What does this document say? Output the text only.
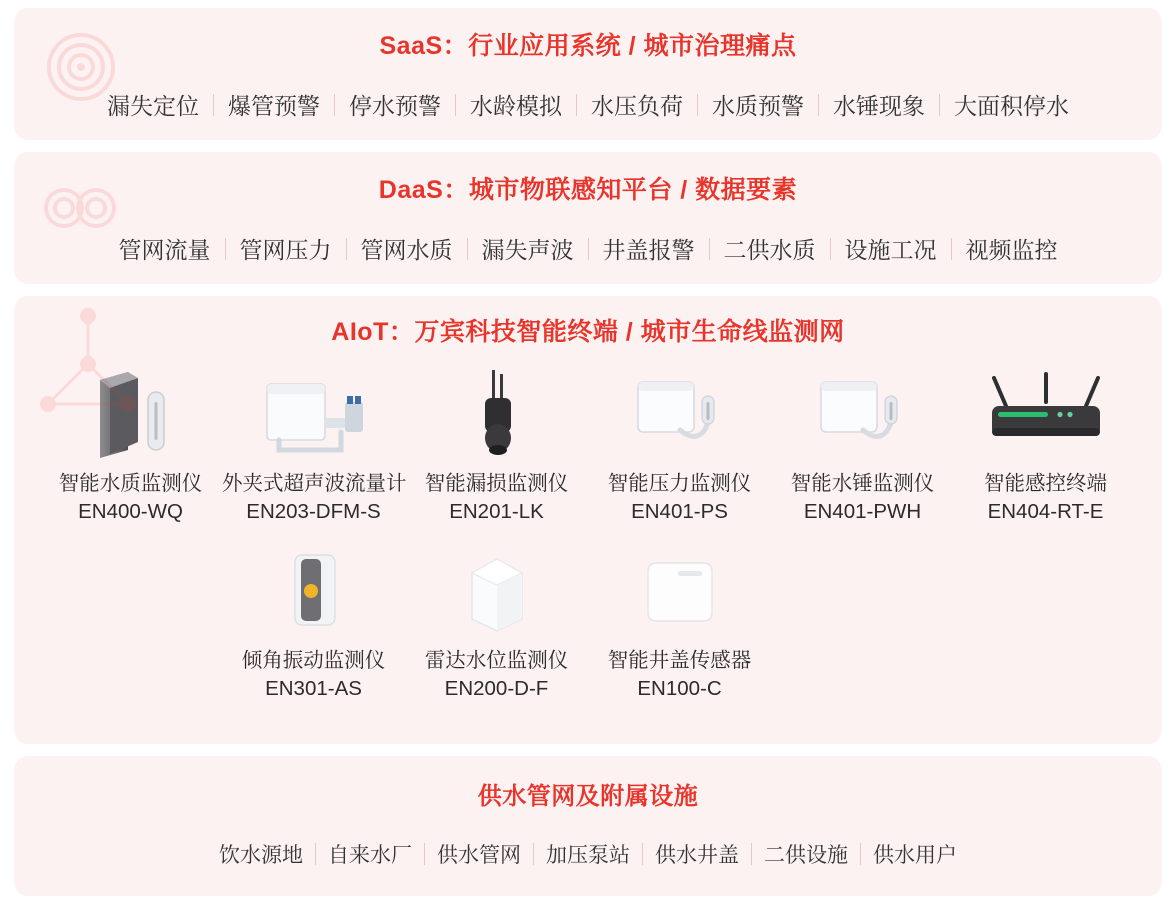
SaaS：行业应用系统 / 城市治理痛点
漏失定位	爆管预警	停水预警	水龄模拟	水压负荷	水质预警	水锤现象	大面积停水
DaaS：城市物联感知平台 / 数据要素
管网流量	管网压力	管网水质	漏失声波	井盖报警	二供水质	设施工况	视频监控
AIoT：万宾科技智能终端 / 城市生命线监测网
智能水质监测仪
EN400-WQ
外夹式超声波流量计
EN203-DFM-S
智能漏损监测仪
EN201-LK
智能压力监测仪
EN401-PS
智能水锤监测仪
EN401-PWH
智能感控终端
EN404-RT-E
倾角振动监测仪
EN301-AS
雷达水位监测仪
EN200-D-F
智能井盖传感器
EN100-C
供水管网及附属设施
饮水源地	自来水厂	供水管网	加压泵站	供水井盖	二供设施	供水用户
